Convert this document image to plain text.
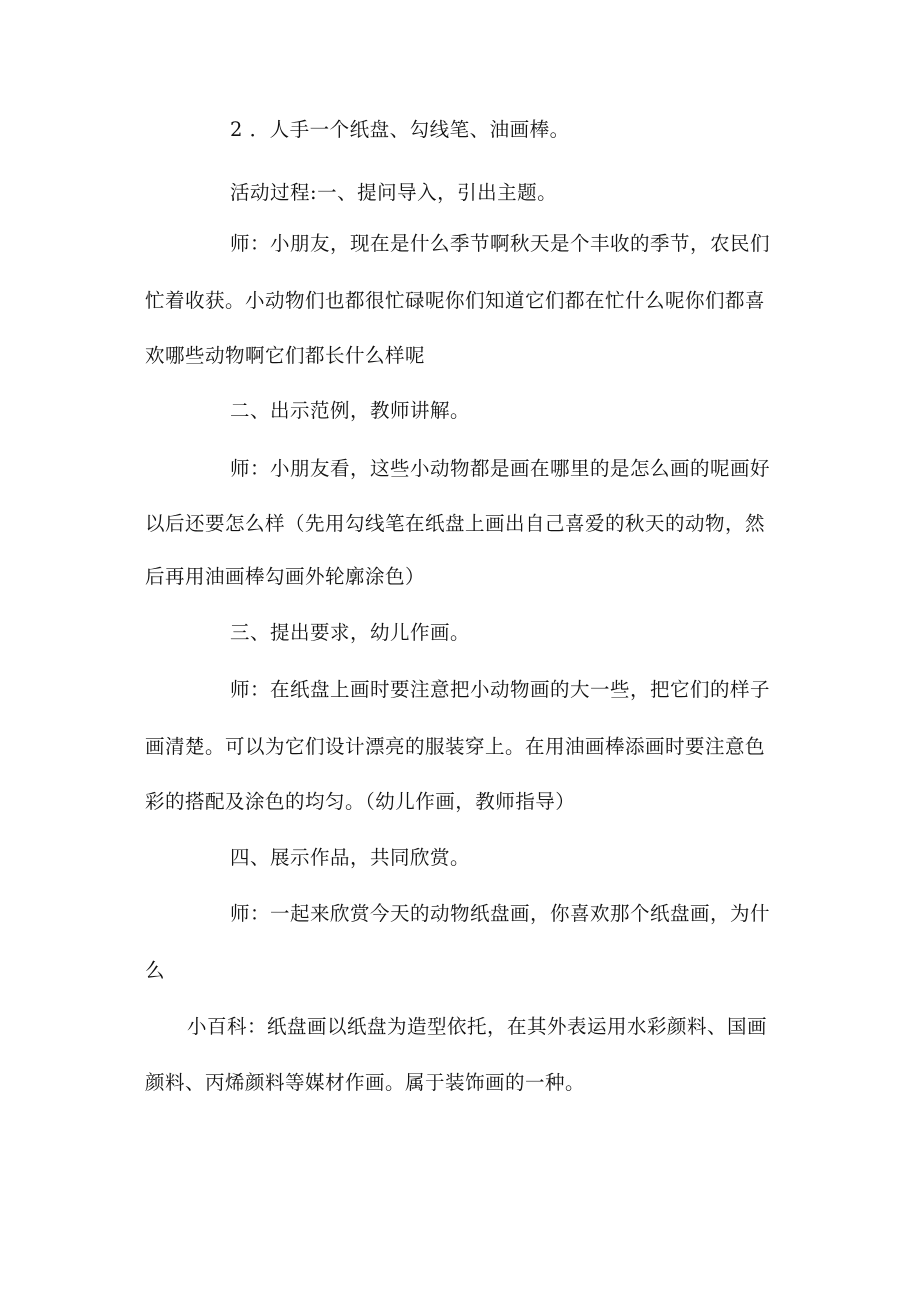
2 ．人手一个纸盘、勾线笔、油画棒。
活动过程:一、提问导入，引出主题。
师：小朋友，现在是什么季节啊秋天是个丰收的季节，农民们
忙着收获。小动物们也都很忙碌呢你们知道它们都在忙什么呢你们都喜
欢哪些动物啊它们都长什么样呢
二、出示范例，教师讲解。
师：小朋友看，这些小动物都是画在哪里的是怎么画的呢画好
以后还要怎么样（先用勾线笔在纸盘上画出自己喜爱的秋天的动物，然
后再用油画棒勾画外轮廓涂色）
三、提出要求，幼儿作画。
师：在纸盘上画时要注意把小动物画的大一些，把它们的样子
画清楚。可以为它们设计漂亮的服装穿上。在用油画棒添画时要注意色
彩的搭配及涂色的均匀。（幼儿作画，教师指导）
四、展示作品，共同欣赏。
师：一起来欣赏今天的动物纸盘画，你喜欢那个纸盘画，为什
么
小百科：纸盘画以纸盘为造型依托，在其外表运用水彩颜料、国画
颜料、丙烯颜料等媒材作画。属于装饰画的一种。
